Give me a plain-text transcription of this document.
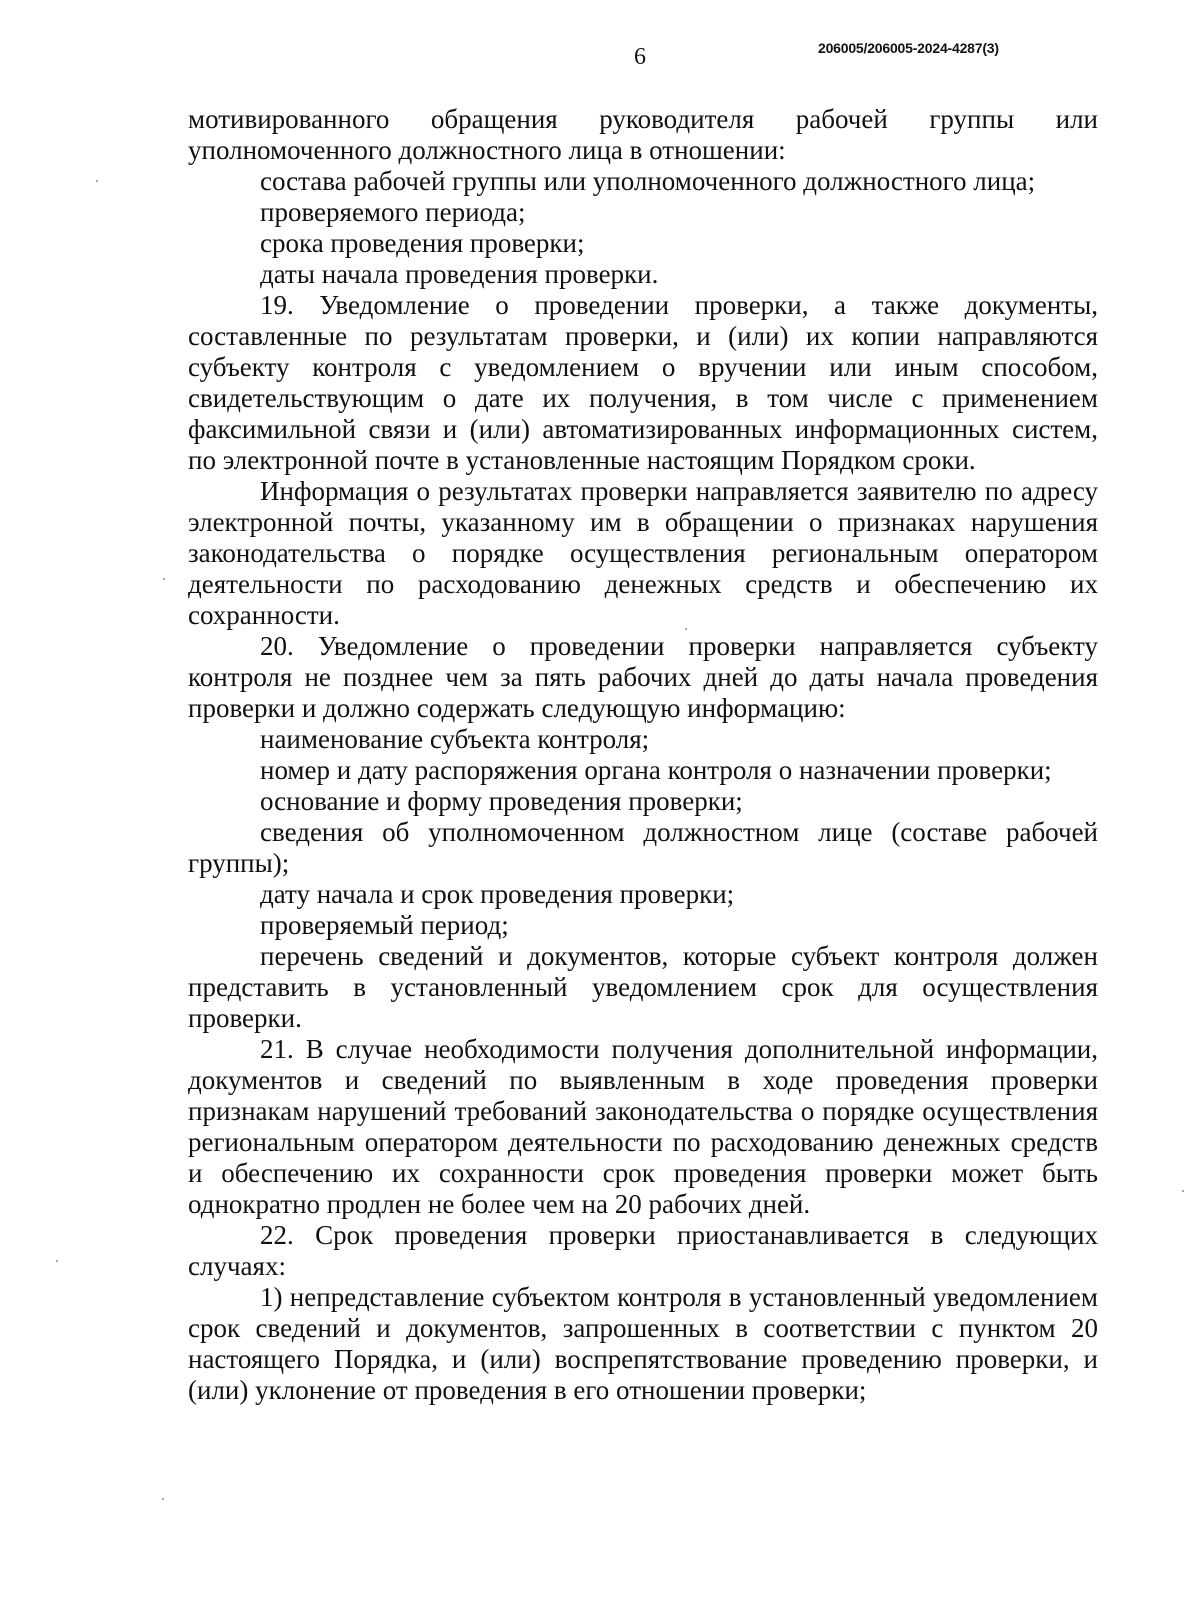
6	206005/206005-2024-4287(3)

мотивированного обращения руководителя рабочей группы или уполномоченного должностного лица в отношении:

состава рабочей группы или уполномоченного должностного лица;

проверяемого периода;

срока проведения проверки;

даты начала проведения проверки.

19. Уведомление о проведении проверки, а также документы, составленные по результатам проверки, и (или) их копии направляются субъекту контроля с уведомлением о вручении или иным способом, свидетельствующим о дате их получения, в том числе с применением факсимильной связи и (или) автоматизированных информационных систем, по электронной почте в установленные настоящим Порядком сроки.

Информация о результатах проверки направляется заявителю по адресу электронной почты, указанному им в обращении о признаках нарушения законодательства о порядке осуществления региональным оператором деятельности по расходованию денежных средств и обеспечению их сохранности.

20. Уведомление о проведении проверки направляется субъекту контроля не позднее чем за пять рабочих дней до даты начала проведения проверки и должно содержать следующую информацию:

наименование субъекта контроля;

номер и дату распоряжения органа контроля о назначении проверки;

основание и форму проведения проверки;

сведения об уполномоченном должностном лице (составе рабочей группы);

дату начала и срок проведения проверки;

проверяемый период;

перечень сведений и документов, которые субъект контроля должен представить в установленный уведомлением срок для осуществления проверки.

21. В случае необходимости получения дополнительной информации, документов и сведений по выявленным в ходе проведения проверки признакам нарушений требований законодательства о порядке осуществления региональным оператором деятельности по расходованию денежных средств и обеспечению их сохранности срок проведения проверки может быть однократно продлен не более чем на 20 рабочих дней.

22. Срок проведения проверки приостанавливается в следующих случаях:

1) непредставление субъектом контроля в установленный уведомлением срок сведений и документов, запрошенных в соответствии с пунктом 20 настоящего Порядка, и (или) воспрепятствование проведению проверки, и (или) уклонение от проведения в его отношении проверки;
